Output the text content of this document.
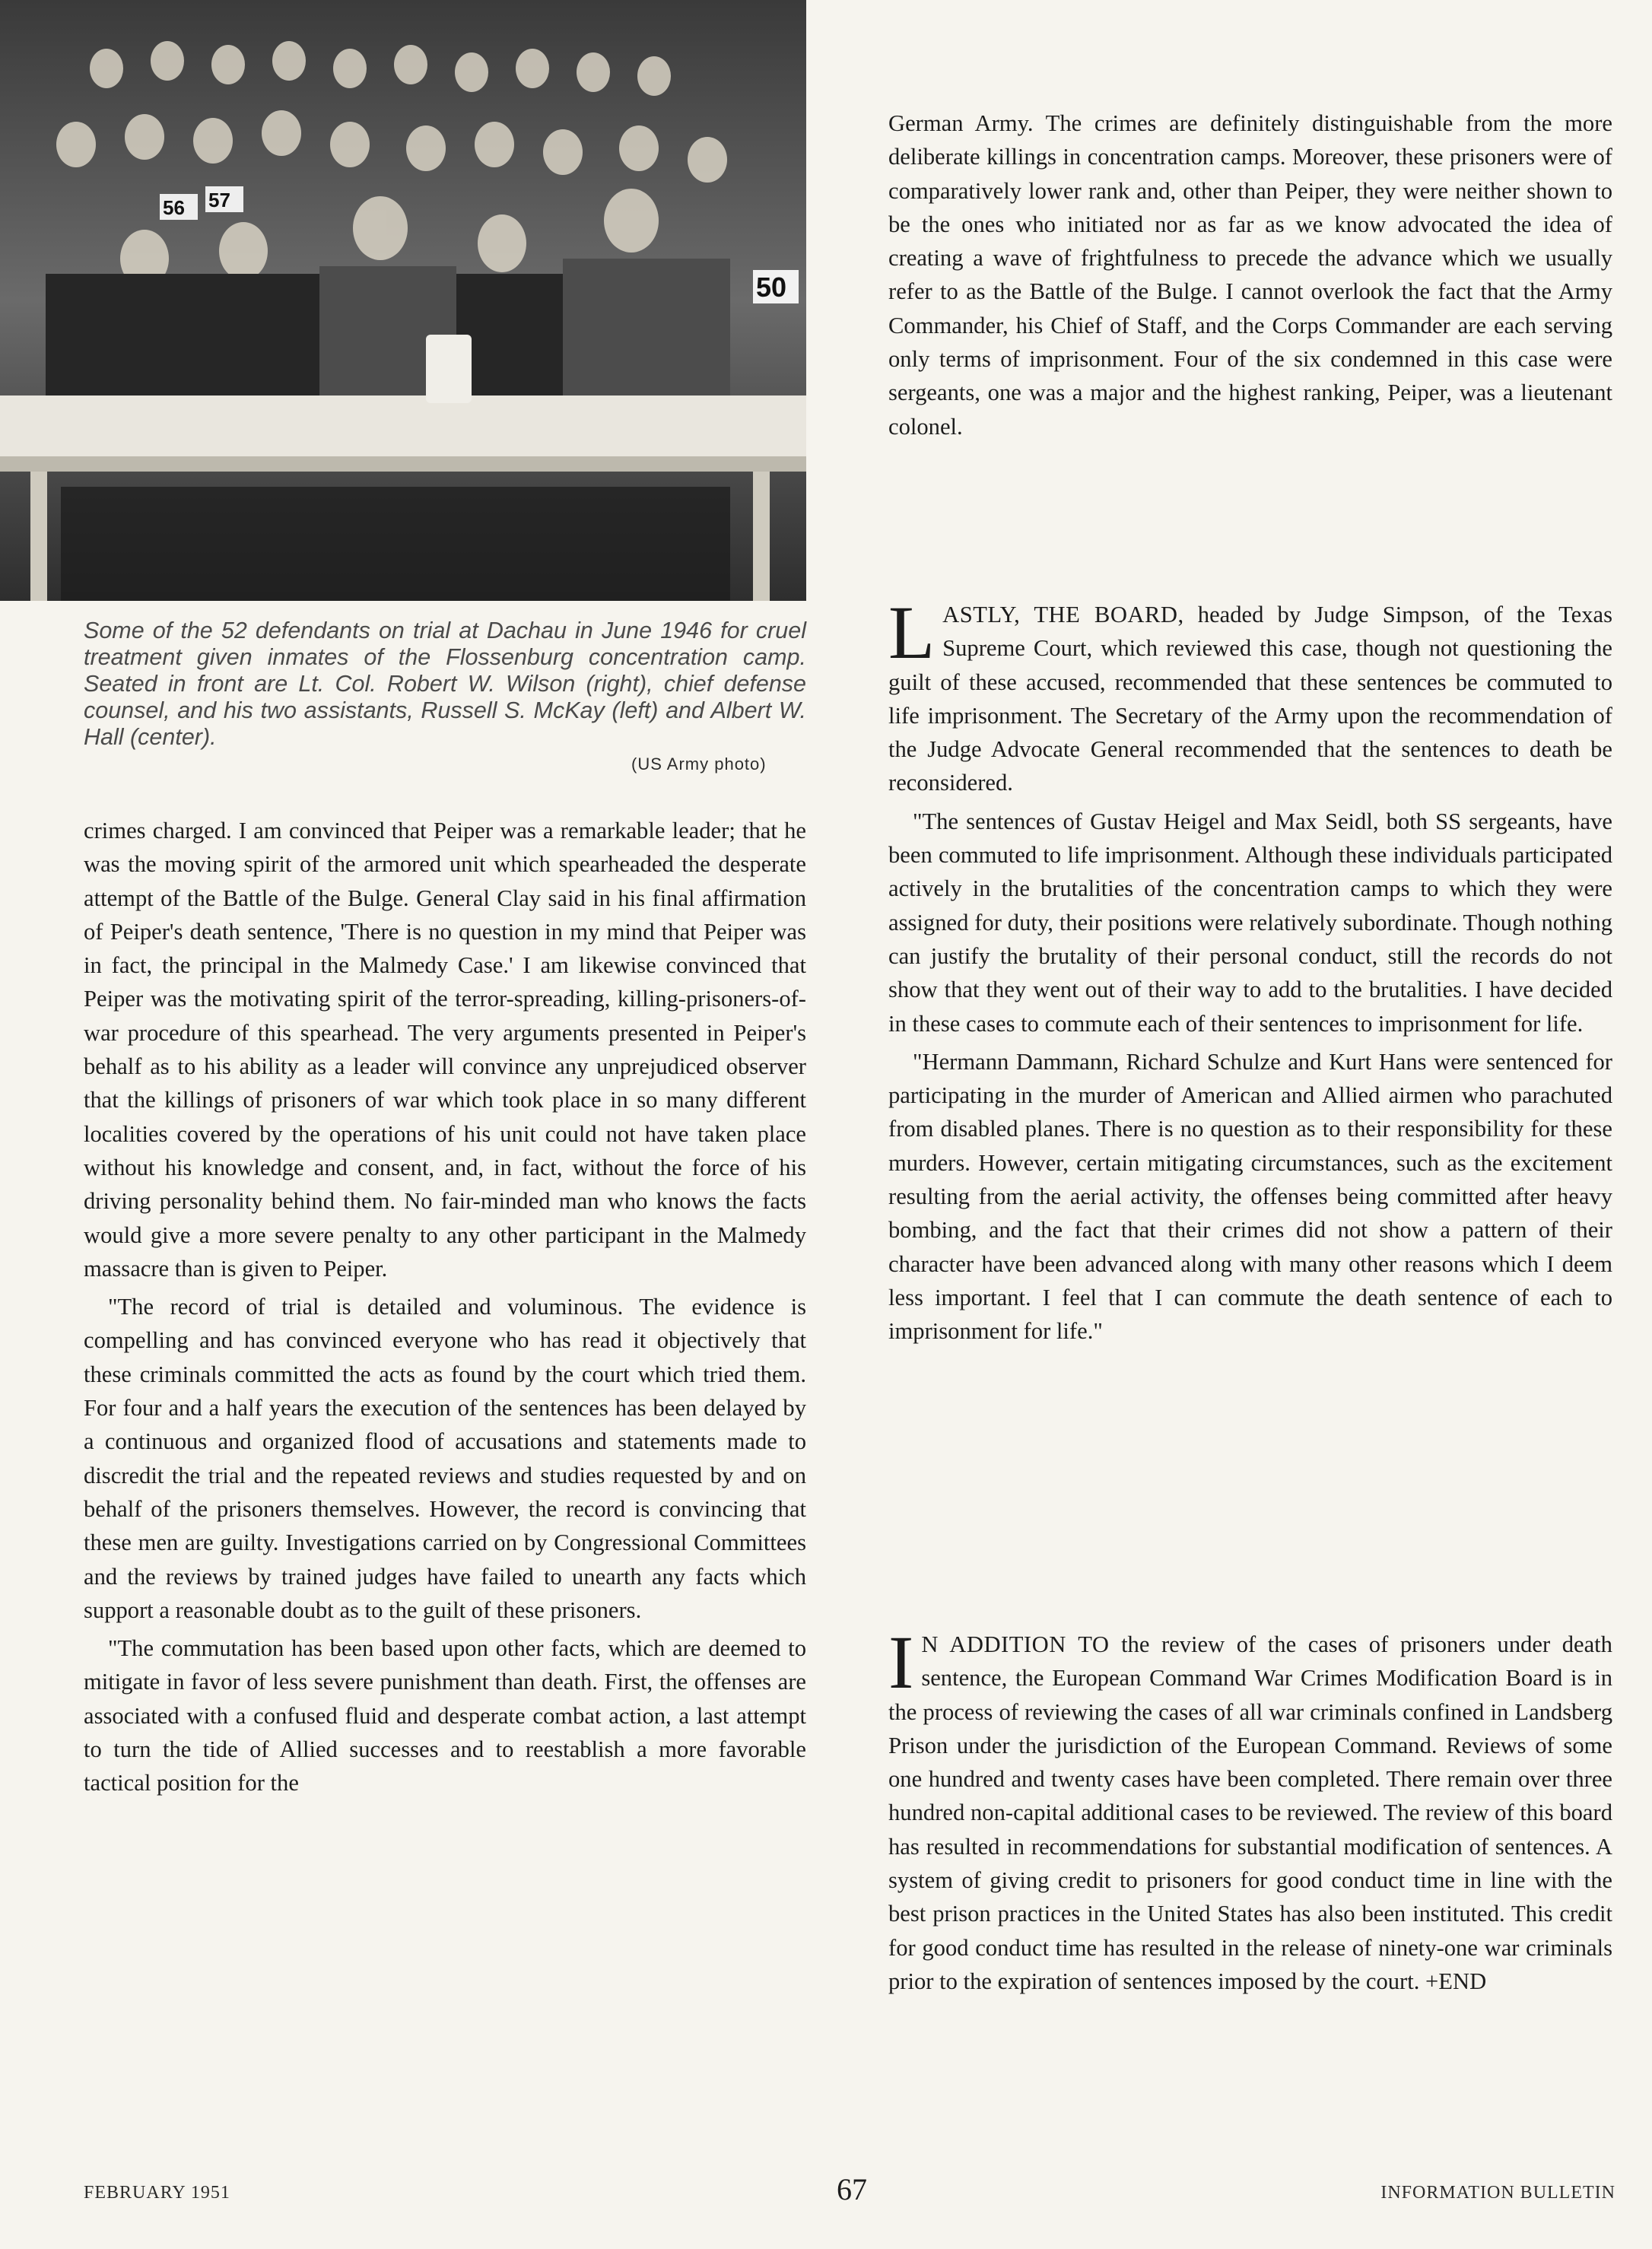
56 57
50
Some of the 52 defendants on trial at Dachau in June 1946 for cruel treatment given inmates of the Flossenburg concentration camp. Seated in front are Lt. Col. Robert W. Wilson (right), chief defense counsel, and his two assistants, Russell S. McKay (left) and Albert W. Hall (center).
(US Army photo)

crimes charged. I am convinced that Peiper was a remarkable leader; that he was the moving spirit of the armored unit which spearheaded the desperate attempt of the Battle of the Bulge. General Clay said in his final affirmation of Peiper's death sentence, 'There is no question in my mind that Peiper was in fact, the principal in the Malmedy Case.' I am likewise convinced that Peiper was the motivating spirit of the terror-spreading, killing-prisoners-of-war procedure of this spearhead. The very arguments presented in Peiper's behalf as to his ability as a leader will convince any unprejudiced observer that the killings of prisoners of war which took place in so many different localities covered by the operations of his unit could not have taken place without his knowledge and consent, and, in fact, without the force of his driving personality behind them. No fair-minded man who knows the facts would give a more severe penalty to any other participant in the Malmedy massacre than is given to Peiper.

"The record of trial is detailed and voluminous. The evidence is compelling and has convinced everyone who has read it objectively that these criminals committed the acts as found by the court which tried them. For four and a half years the execution of the sentences has been delayed by a continuous and organized flood of accusations and statements made to discredit the trial and the repeated reviews and studies requested by and on behalf of the prisoners themselves. However, the record is convincing that these men are guilty. Investigations carried on by Congressional Committees and the reviews by trained judges have failed to unearth any facts which support a reasonable doubt as to the guilt of these prisoners.

"The commutation has been based upon other facts, which are deemed to mitigate in favor of less severe punishment than death. First, the offenses are associated with a confused fluid and desperate combat action, a last attempt to turn the tide of Allied successes and to reestablish a more favorable tactical position for the

German Army. The crimes are definitely distinguishable from the more deliberate killings in concentration camps. Moreover, these prisoners were of comparatively lower rank and, other than Peiper, they were neither shown to be the ones who initiated nor as far as we know advocated the idea of creating a wave of frightfulness to precede the advance which we usually refer to as the Battle of the Bulge. I cannot overlook the fact that the Army Commander, his Chief of Staff, and the Corps Commander are each serving only terms of imprisonment. Four of the six condemned in this case were sergeants, one was a major and the highest ranking, Peiper, was a lieutenant colonel.

LASTLY, THE BOARD, headed by Judge Simpson, of the Texas Supreme Court, which reviewed this case, though not questioning the guilt of these accused, recommended that these sentences be commuted to life imprisonment. The Secretary of the Army upon the recommendation of the Judge Advocate General recommended that the sentences to death be reconsidered.

"The sentences of Gustav Heigel and Max Seidl, both SS sergeants, have been commuted to life imprisonment. Although these individuals participated actively in the brutalities of the concentration camps to which they were assigned for duty, their positions were relatively subordinate. Though nothing can justify the brutality of their personal conduct, still the records do not show that they went out of their way to add to the brutalities. I have decided in these cases to commute each of their sentences to imprisonment for life.

"Hermann Dammann, Richard Schulze and Kurt Hans were sentenced for participating in the murder of American and Allied airmen who parachuted from disabled planes. There is no question as to their responsibility for these murders. However, certain mitigating circumstances, such as the excitement resulting from the aerial activity, the offenses being committed after heavy bombing, and the fact that their crimes did not show a pattern of their character have been advanced along with many other reasons which I deem less important. I feel that I can commute the death sentence of each to imprisonment for life."

I N ADDITION TO the review of the cases of prisoners under death sentence, the European Command War Crimes Modification Board is in the process of reviewing the cases of all war criminals confined in Landsberg Prison under the jurisdiction of the European Command. Reviews of some one hundred and twenty cases have been completed. There remain over three hundred non-capital additional cases to be reviewed. The review of this board has resulted in recommendations for substantial modification of sentences. A system of giving credit to prisoners for good conduct time in line with the best prison practices in the United States has also been instituted. This credit for good conduct time has resulted in the release of ninety-one war criminals prior to the expiration of sentences imposed by the court. +END

FEBRUARY 1951	67	INFORMATION BULLETIN
